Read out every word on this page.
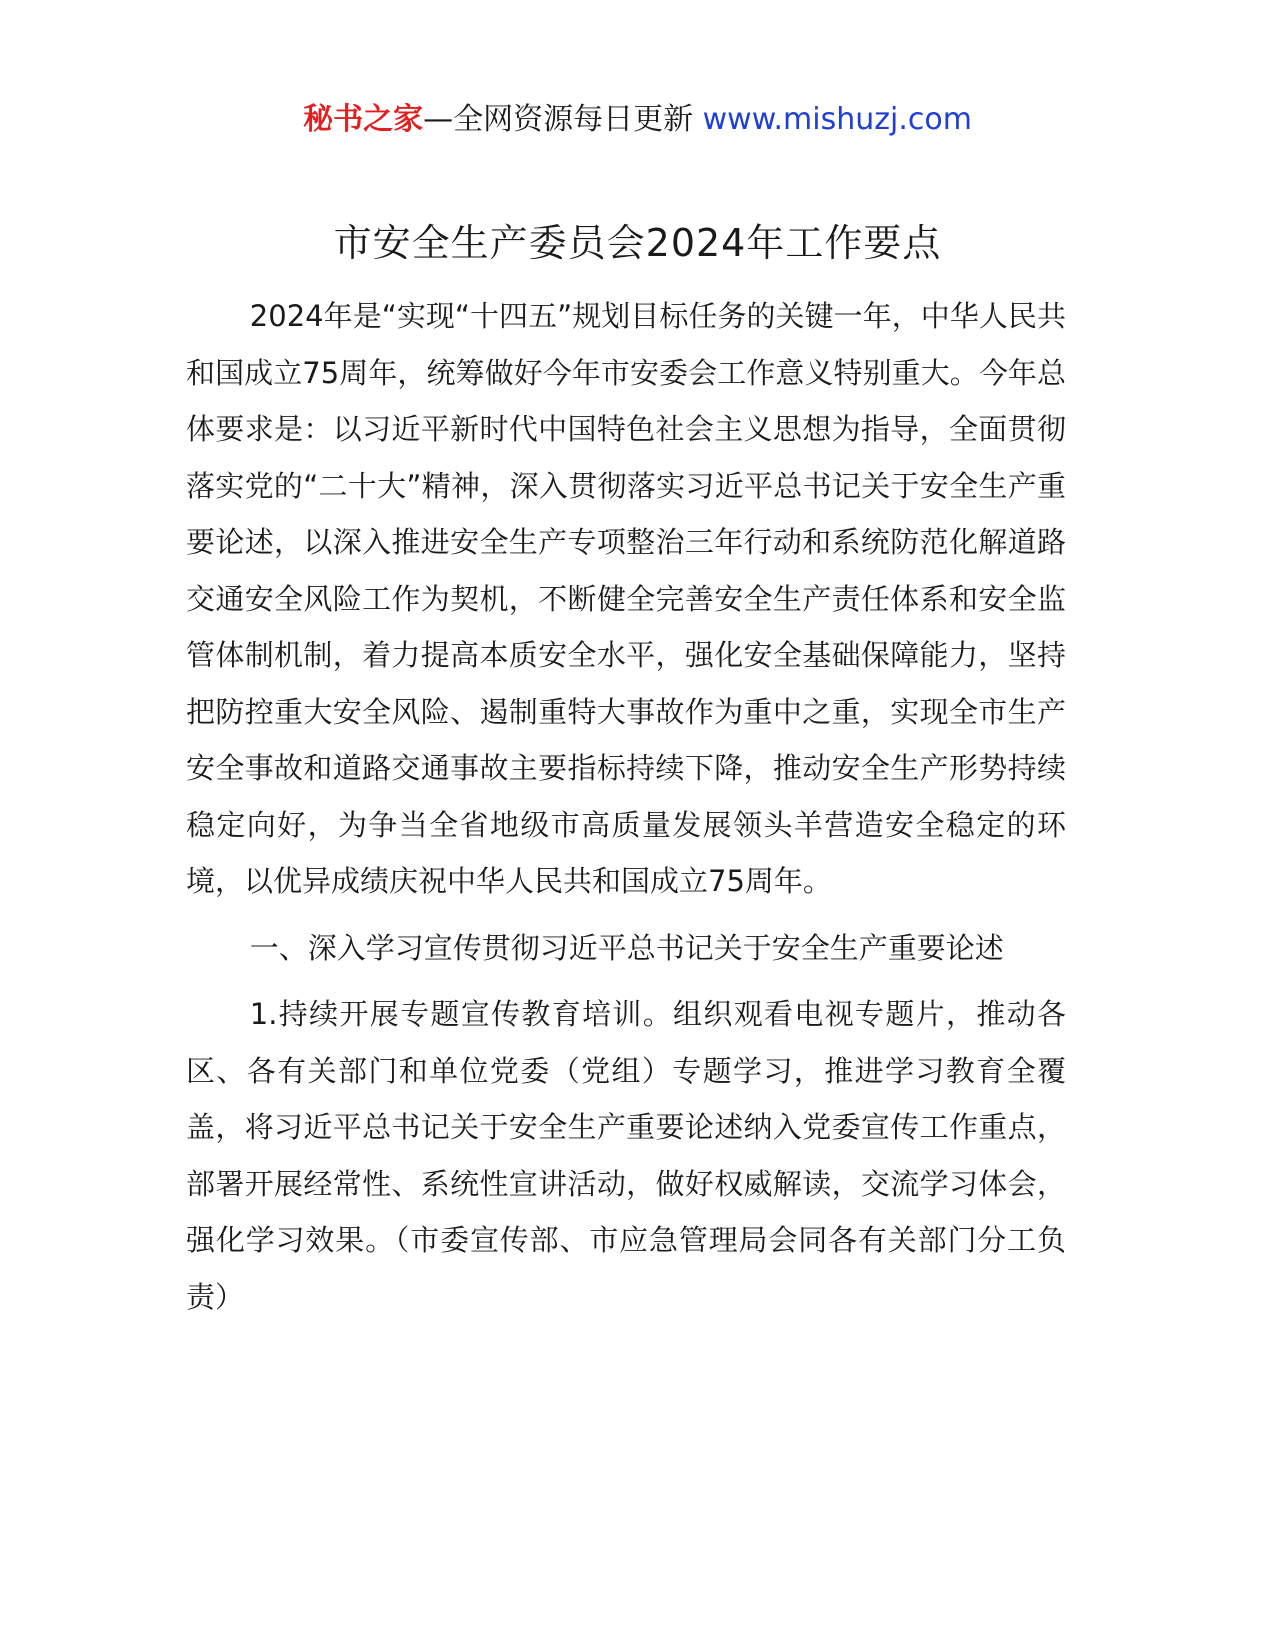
秘书之家—全网资源每日更新 www.mishuzj.com
市安全生产委员会2024年工作要点

2024年是“实现“十四五”规划目标任务的关键一年，中华人民共和国成立75周年，统筹做好今年市安委会工作意义特别重大。今年总体要求是：以习近平新时代中国特色社会主义思想为指导，全面贯彻落实党的“二十大”精神，深入贯彻落实习近平总书记关于安全生产重要论述，以深入推进安全生产专项整治三年行动和系统防范化解道路交通安全风险工作为契机，不断健全完善安全生产责任体系和安全监管体制机制，着力提高本质安全水平，强化安全基础保障能力，坚持把防控重大安全风险、遏制重特大事故作为重中之重，实现全市生产安全事故和道路交通事故主要指标持续下降，推动安全生产形势持续稳定向好，为争当全省地级市高质量发展领头羊营造安全稳定的环境，以优异成绩庆祝中华人民共和国成立75周年。

一、深入学习宣传贯彻习近平总书记关于安全生产重要论述

1.持续开展专题宣传教育培训。组织观看电视专题片，推动各区、各有关部门和单位党委（党组）专题学习，推进学习教育全覆盖，将习近平总书记关于安全生产重要论述纳入党委宣传工作重点，部署开展经常性、系统性宣讲活动，做好权威解读，交流学习体会，强化学习效果。（市委宣传部、市应急管理局会同各有关部门分工负责）
